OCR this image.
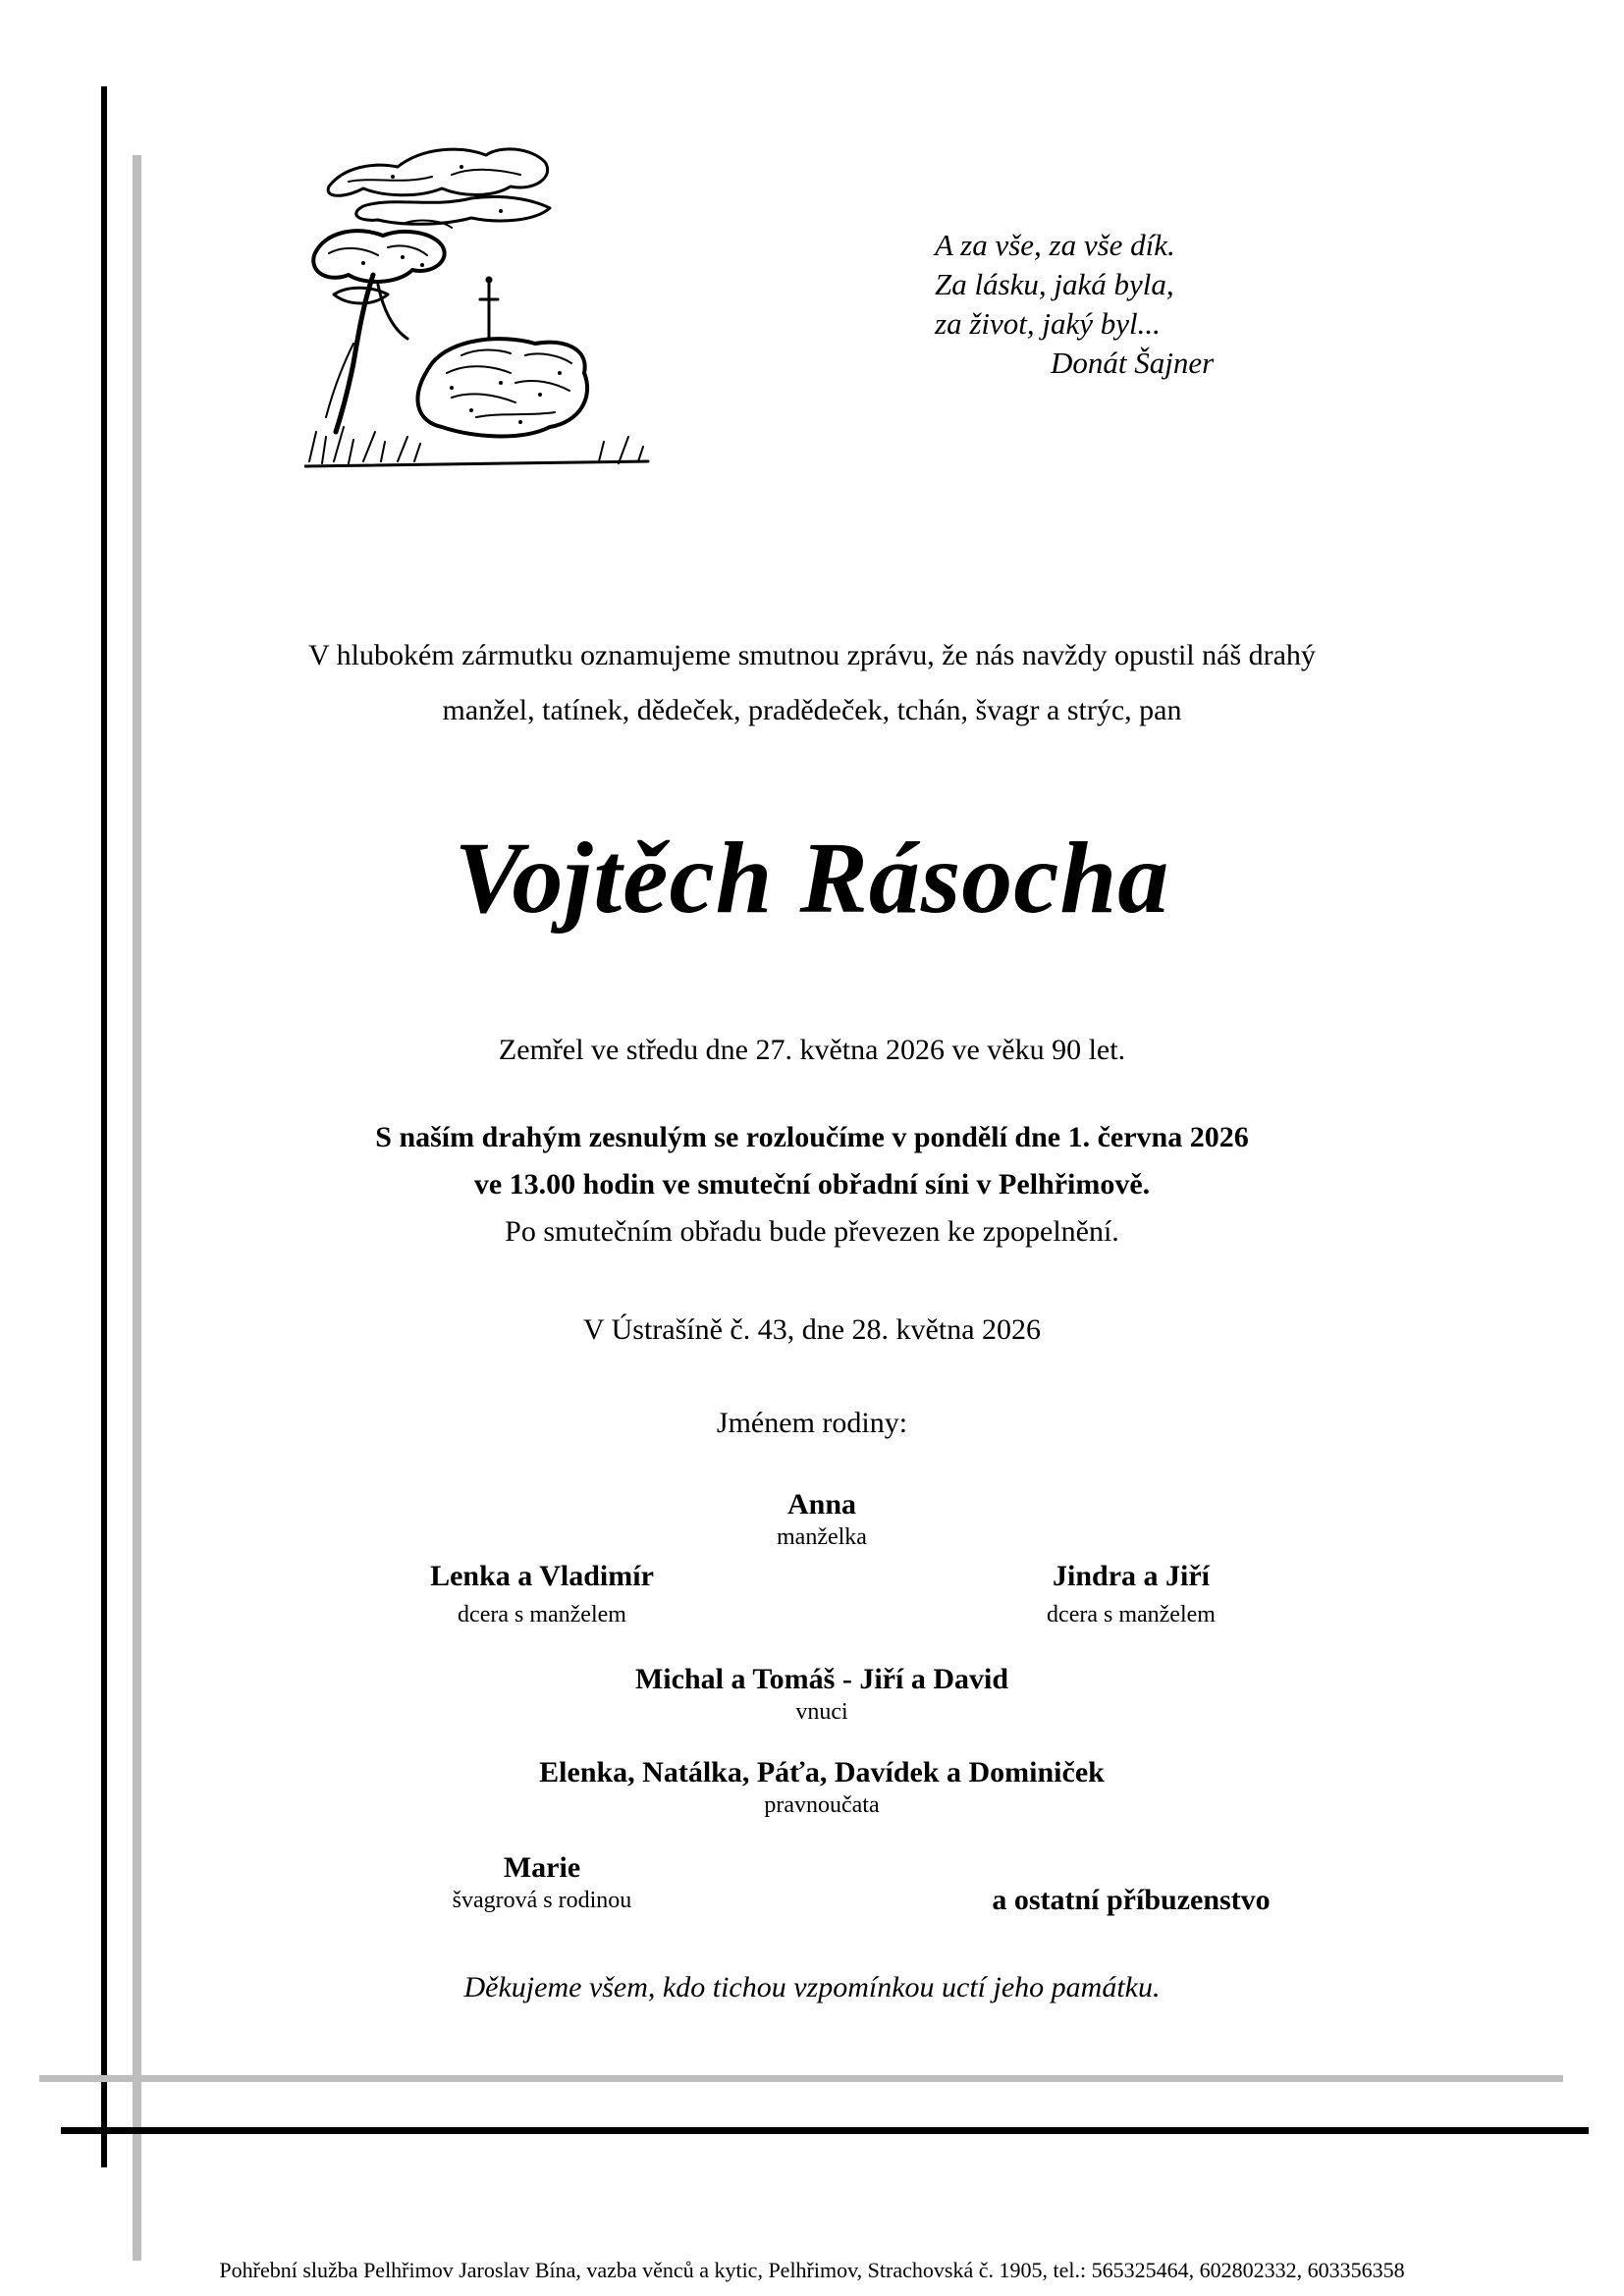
A za vše, za vše dík.
Za lásku, jaká byla,
za život, jaký byl...
Donát Šajner
V hlubokém zármutku oznamujeme smutnou zprávu, že nás navždy opustil náš drahý
manžel, tatínek, dědeček, pradědeček, tchán, švagr a strýc, pan
Vojtěch Rásocha
Zemřel ve středu dne 27. května 2026 ve věku 90 let.
S naším drahým zesnulým se rozloučíme v pondělí dne 1. června 2026
ve 13.00 hodin ve smuteční obřadní síni v Pelhřimově.
Po smutečním obřadu bude převezen ke zpopelnění.
V Ústrašíně č. 43, dne 28. května 2026
Jménem rodiny:
Anna
manželka
Lenka a Vladimír
dcera s manželem
Jindra a Jiří
dcera s manželem
Michal a Tomáš - Jiří a David
vnuci
Elenka, Natálka, Páťa, Davídek a Dominiček
pravnoučata
Marie
švagrová s rodinou	a ostatní příbuzenstvo
Děkujeme všem, kdo tichou vzpomínkou uctí jeho památku.
Pohřební služba Pelhřimov Jaroslav Bína, vazba věnců a kytic, Pelhřimov, Strachovská č. 1905, tel.: 565325464, 602802332, 603356358
